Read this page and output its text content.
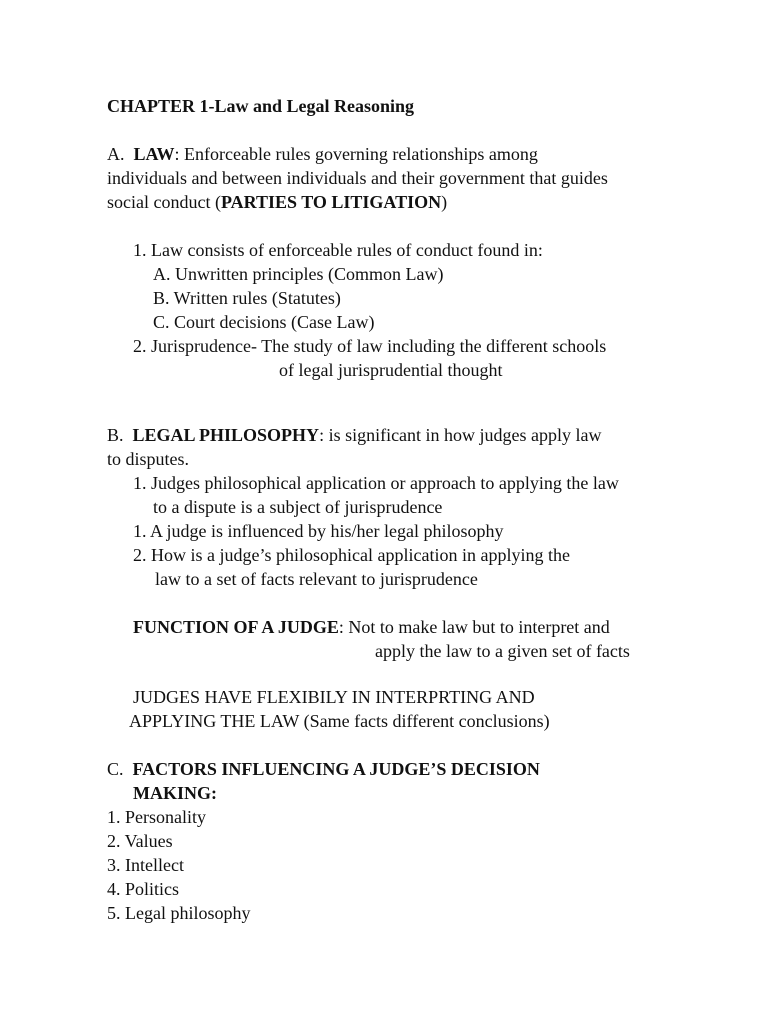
CHAPTER 1-Law and Legal Reasoning
A. LAW: Enforceable rules governing relationships among
individuals and between individuals and their government that guides
social conduct (PARTIES TO LITIGATION)
1. Law consists of enforceable rules of conduct found in:
A. Unwritten principles (Common Law)
B. Written rules (Statutes)
C. Court decisions (Case Law)
2. Jurisprudence- The study of law including the different schools
of legal jurisprudential thought
B. LEGAL PHILOSOPHY: is significant in how judges apply law
to disputes.
1. Judges philosophical application or approach to applying the law
to a dispute is a subject of jurisprudence
1. A judge is influenced by his/her legal philosophy
2. How is a judge’s philosophical application in applying the
law to a set of facts relevant to jurisprudence
FUNCTION OF A JUDGE: Not to make law but to interpret and
apply the law to a given set of facts
JUDGES HAVE FLEXIBILY IN INTERPRTING AND
APPLYING THE LAW (Same facts different conclusions)
C. FACTORS INFLUENCING A JUDGE’S DECISION
MAKING:
1. Personality
2. Values
3. Intellect
4. Politics
5. Legal philosophy
